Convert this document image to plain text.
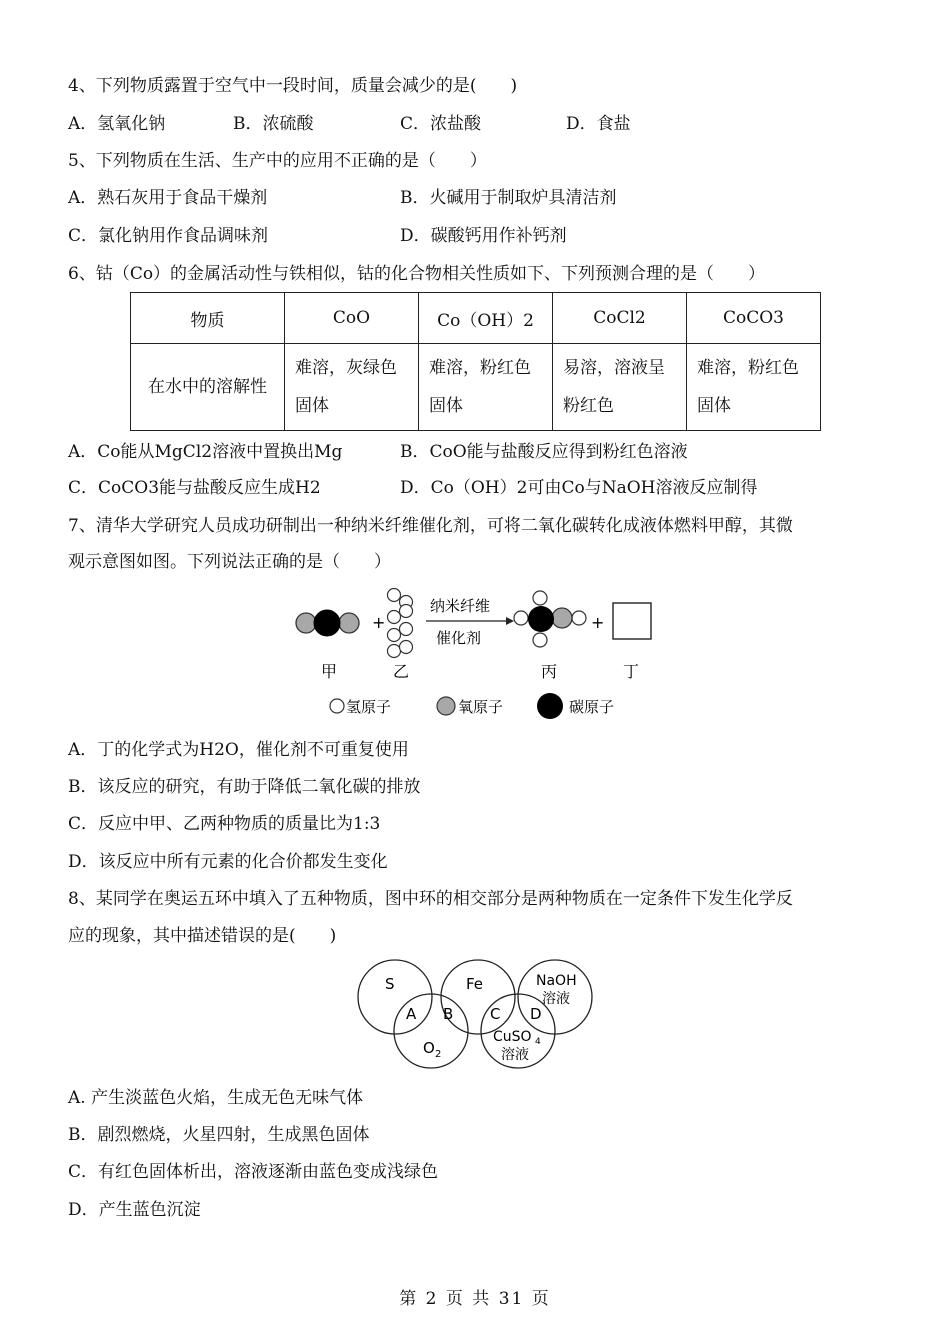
4、下列物质露置于空气中一段时间，质量会减少的是(　　)
A．氢氧化钠	B．浓硫酸	C．浓盐酸	D．食盐
5、下列物质在生活、生产中的应用不正确的是（　　）
A．熟石灰用于食品干燥剂	B．火碱用于制取炉具清洁剂
C．氯化钠用作食品调味剂	D．碳酸钙用作补钙剂
6、钴（Co）的金属活动性与铁相似，钴的化合物相关性质如下、下列预测合理的是（　　）
物质	CoO	Co（OH）2	CoCl2	CoCO3
在水中的溶解性	难溶，灰绿色固体	难溶，粉红色固体	易溶，溶液呈粉红色	难溶，粉红色固体
A．Co能从MgCl2溶液中置换出Mg	B．CoO能与盐酸反应得到粉红色溶液
C．CoCO3能与盐酸反应生成H2	D．Co（OH）2可由Co与NaOH溶液反应制得
7、清华大学研究人员成功研制出一种纳米纤维催化剂，可将二氧化碳转化成液体燃料甲醇，其微
观示意图如图。下列说法正确的是（　　）
+
纳米纤维
催化剂
+
甲	乙	丙	丁
氢原子	氧原子	碳原子
A．丁的化学式为H2O，催化剂不可重复使用
B．该反应的研究，有助于降低二氧化碳的排放
C．反应中甲、乙两种物质的质量比为1:3
D．该反应中所有元素的化合价都发生变化
8、某同学在奥运五环中填入了五种物质，图中环的相交部分是两种物质在一定条件下发生化学反
应的现象，其中描述错误的是(　　)
S	Fe	NaOH
溶液
O 2
CuSO 4
溶液
A B C D
A. 产生淡蓝色火焰，生成无色无味气体
B．剧烈燃烧，火星四射，生成黑色固体
C．有红色固体析出，溶液逐渐由蓝色变成浅绿色
D．产生蓝色沉淀
第 2 页 共 31 页
